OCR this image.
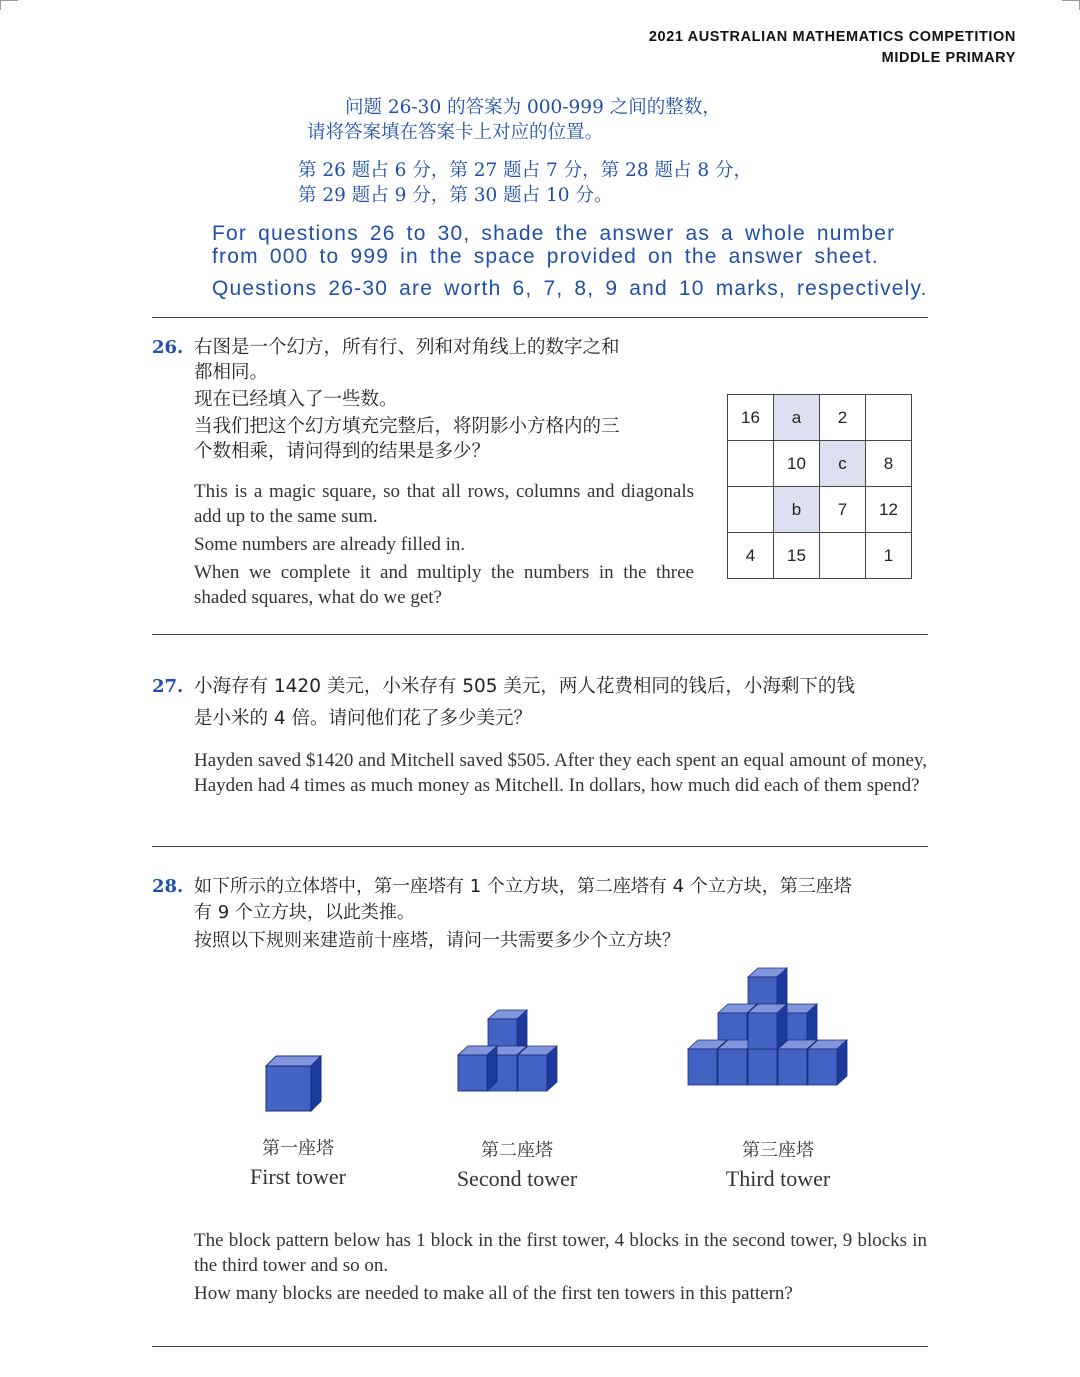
2021 AUSTRALIAN MATHEMATICS COMPETITION
MIDDLE PRIMARY
问题 26-30 的答案为 000-999 之间的整数，
请将答案填在答案卡上对应的位置。
第 26 题占 6 分，第 27 题占 7 分，第 28 题占 8 分，
第 29 题占 9 分，第 30 题占 10 分。
For questions 26 to 30, shade the answer as a whole number
from 000 to 999 in the space provided on the answer sheet.
Questions 26-30 are worth 6, 7, 8, 9 and 10 marks, respectively.
26. 右图是一个幻方，所有行、列和对角线上的数字之和

都相同。

现在已经填入了一些数。

当我们把这个幻方填充完整后，将阴影小方格内的三

个数相乘，请问得到的结果是多少？

This is a magic square, so that all rows, columns and diagonals add up to the same sum.

Some numbers are already filled in.

When we complete it and multiply the numbers in the three shaded squares, what do we get?

16	a	2	
	10	c	8
	b	7	12
4	15		1
27. 小海存有 1420 美元，小米存有 505 美元，两人花费相同的钱后，小海剩下的钱
是小米的 4 倍。请问他们花了多少美元？
Hayden saved $1420 and Mitchell saved $505. After they each spent an equal amount of money, Hayden had 4 times as much money as Mitchell. In dollars, how much did each of them spend?
28. 如下所示的立体塔中，第一座塔有 1 个立方块，第二座塔有 4 个立方块，第三座塔
有 9 个立方块，以此类推。
按照以下规则来建造前十座塔，请问一共需要多少个立方块？
第一座塔
First tower
第二座塔
Second tower
第三座塔
Third tower

The block pattern below has 1 block in the first tower, 4 blocks in the second tower, 9 blocks in the third tower and so on.

How many blocks are needed to make all of the first ten towers in this pattern?
